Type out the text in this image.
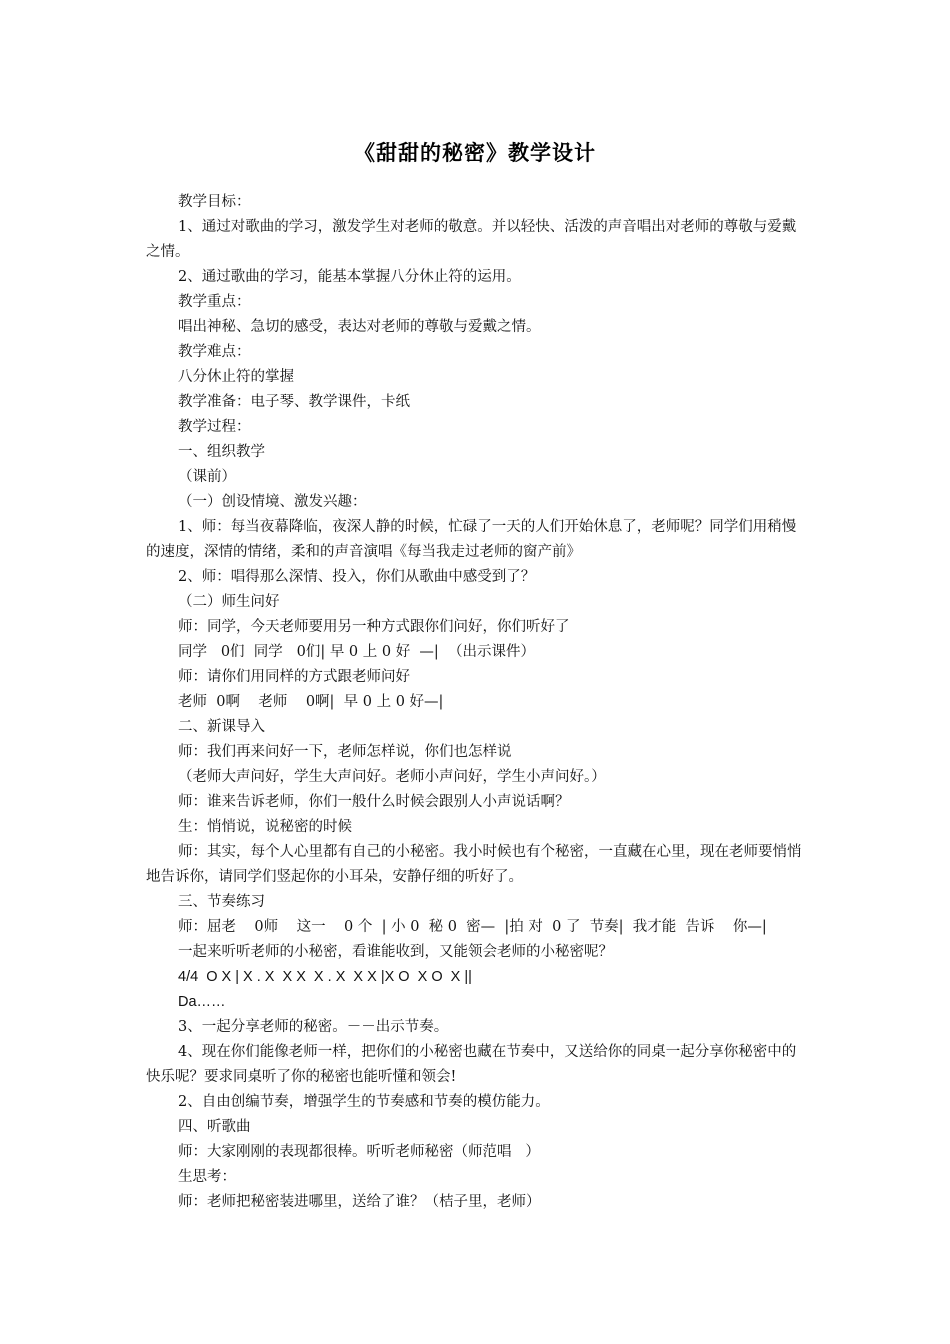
《甜甜的秘密》教学设计

教学目标：

1、通过对歌曲的学习，激发学生对老师的敬意。并以轻快、活泼的声音唱出对老师的尊敬与爱戴之情。

2、通过歌曲的学习，能基本掌握八分休止符的运用。

教学重点：

唱出神秘、急切的感受，表达对老师的尊敬与爱戴之情。

教学难点：

八分休止符的掌握

教学准备：电子琴、教学课件，卡纸

教学过程：

一、组织教学

（课前）

（一）创设情境、激发兴趣：

1、师：每当夜幕降临，夜深人静的时候，忙碌了一天的人们开始休息了，老师呢？同学们用稍慢的速度，深情的情绪，柔和的声音演唱《每当我走过老师的窗产前》

2、师：唱得那么深情、投入，你们从歌曲中感受到了？

（二）师生问好

师：同学，今天老师要用另一种方式跟你们问好，你们听好了

同学   0们  同学   0们| 早 0 上 0 好  —|  （出示课件）

师：请你们用同样的方式跟老师问好

老师  0啊    老师    0啊|  早 0 上 0 好—|

二、新课导入

师：我们再来问好一下，老师怎样说，你们也怎样说

（老师大声问好，学生大声问好。老师小声问好，学生小声问好。）

师：谁来告诉老师，你们一般什么时候会跟别人小声说话啊？

生：悄悄说，说秘密的时候

师：其实，每个人心里都有自己的小秘密。我小时候也有个秘密，一直藏在心里，现在老师要悄悄地告诉你，请同学们竖起你的小耳朵，安静仔细的听好了。

三、节奏练习

师：屈老    0师    这一    0 个  | 小 0  秘 0  密—  |拍 对  0 了  节奏|  我才能  告诉    你—|

一起来听听老师的小秘密，看谁能收到，又能领会老师的小秘密呢？

4/4  O X | X . X  X X  X . X  X X |X O  X O  X ||

Da……

3、一起分享老师的秘密。－－出示节奏。

4、现在你们能像老师一样，把你们的小秘密也藏在节奏中，又送给你的同桌一起分享你秘密中的快乐呢？要求同桌听了你的秘密也能听懂和领会!

2、自由创编节奏，增强学生的节奏感和节奏的模仿能力。

四、听歌曲

师：大家刚刚的表现都很棒。听听老师秘密（师范唱   ）

生思考：

师：老师把秘密装进哪里，送给了谁？（桔子里，老师）
